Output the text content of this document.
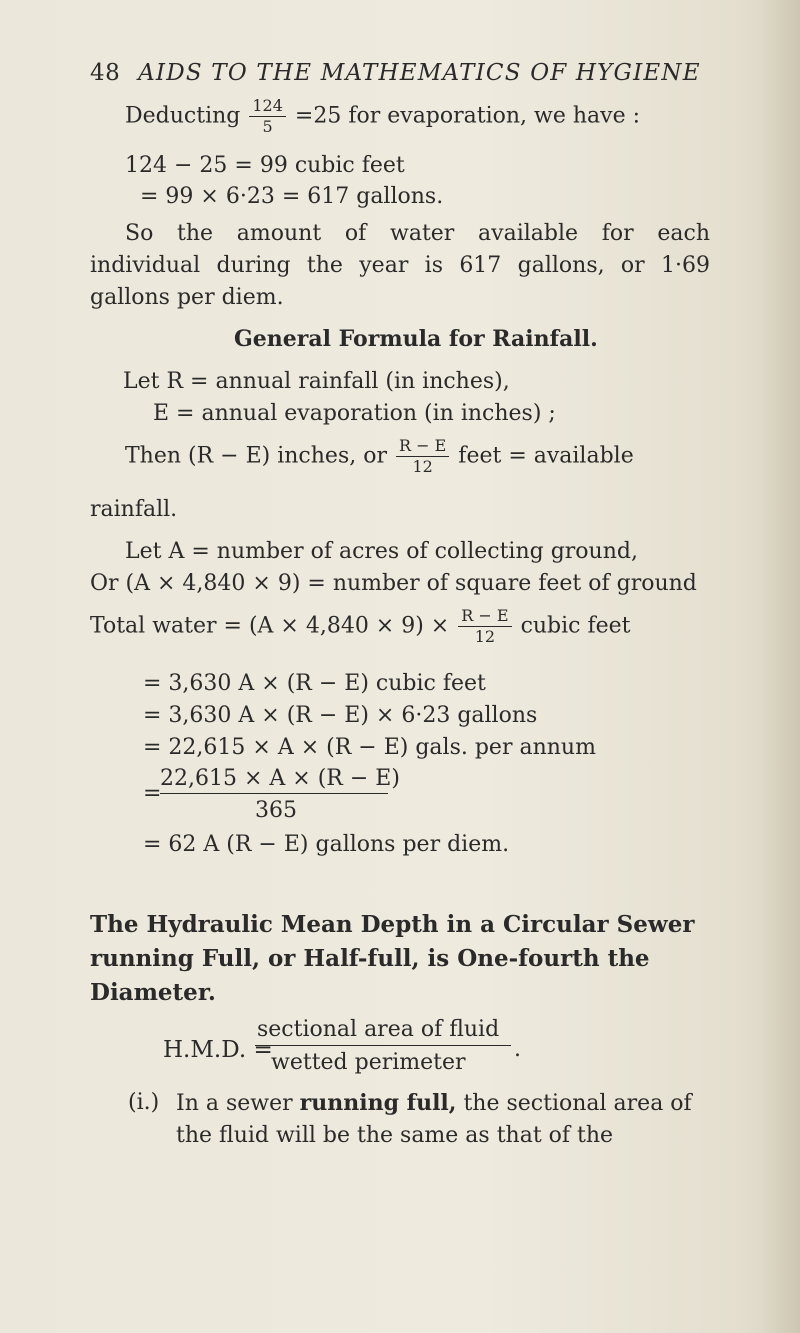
48 AIDS TO THE MATHEMATICS OF HYGIENE
Deducting $\frac{124}{5} =25$ for evaporation, we have :
124 − 25 = 99 cubic feet
= 99 × 6·23 = 617 gallons.
So the amount of water available for each individual during the year is 617 gallons, or 1·69 gallons per diem.
General Formula for Rainfall.
Let R = annual rainfall (in inches),
E = annual evaporation (in inches) ;
Then (R − E) inches, or $\frac{R - E}{12}$ feet = available
rainfall.
Let A = number of acres of collecting ground,
Or (A × 4,840 × 9) = number of square feet of ground
Total water = $(A \times 4,840 \times 9) \times \frac{R - E}{12}$ cubic feet
= 3,630 A × (R − E) cubic feet
= 3,630 A × (R − E) × 6·23 gallons
= 22,615 × A × (R − E) gals. per annum
=
22,615 × A × (R − E)
365
= 62 A (R − E) gallons per diem.
The Hydraulic Mean Depth in a Circular Sewer running Full, or Half-full, is One-fourth the Diameter.
H.M.D. =
sectional area of fluid
wetted perimeter
.
(i.) In a sewer running full, the sectional area of the fluid will be the same as that of the
